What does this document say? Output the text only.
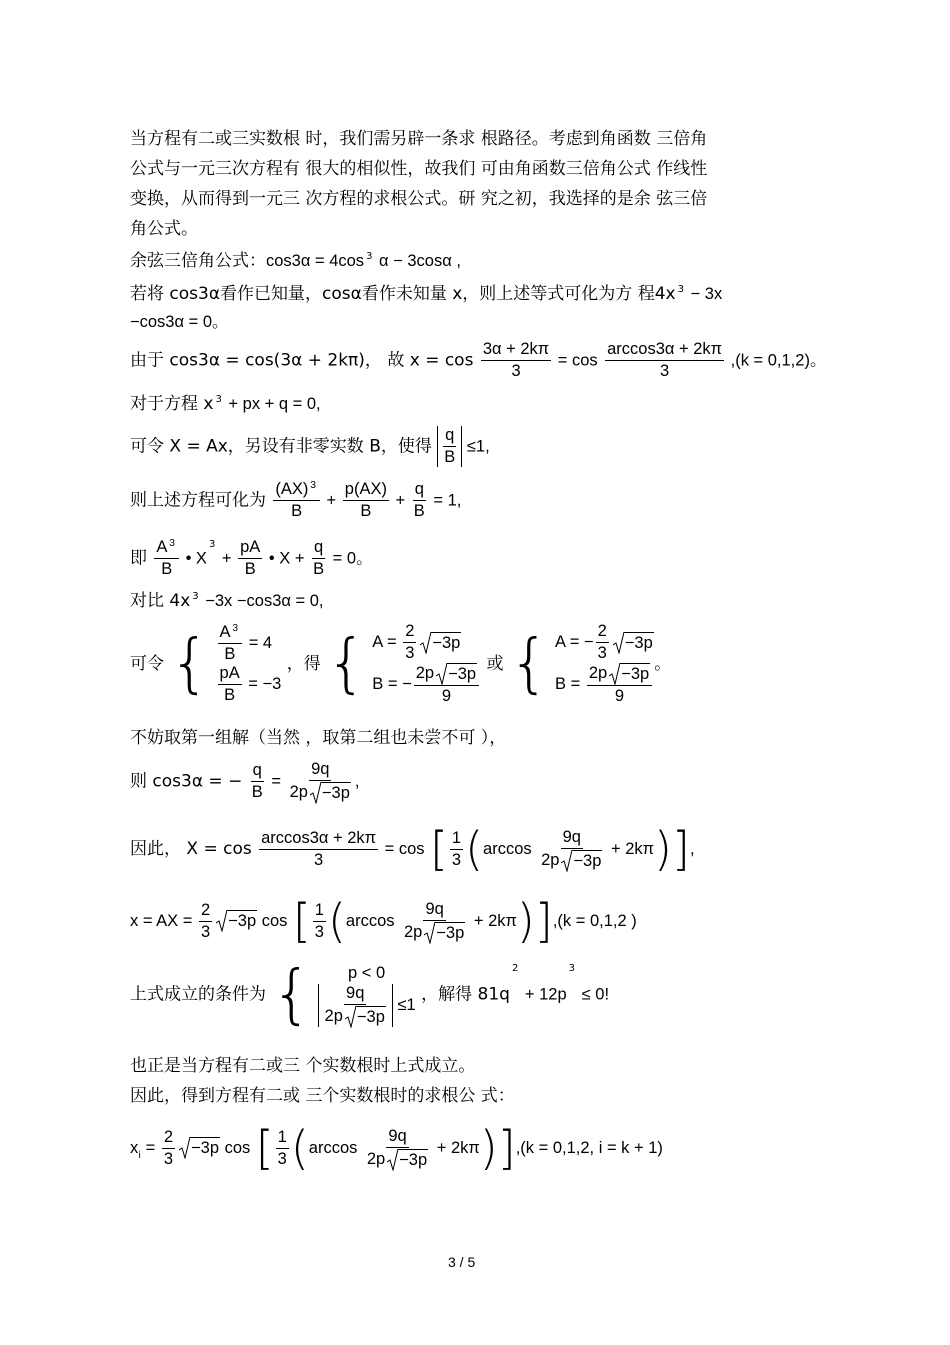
当方程有二或三实数根 时，我们需另辟一条求 根路径。考虑到角函数 三倍角
公式与一元三次方程有 很大的相似性，故我们 可由角函数三倍角公式 作线性
变换，从而得到一元三 次方程的求根公式。研 究之初，我选择的是余 弦三倍
角公式。
余弦三倍角公式：cos3α = 4cos $^3$ α − 3cosα ,
若将 cos3α看作已知量，cosα看作未知量 x，则上述等式可化为方 程4x $^3$ − 3x
−cos3α = 0。
由于 cos3α = cos(3α + 2kπ)， 故 $x = \cos \frac{3\alpha + 2k\pi}{3} = \cos \frac{\arccos 3\alpha + 2k\pi}{3} ,(k = 0,1,2)$。
对于方程 x $^3$ + px + q = 0,
可令 X = Ax，另设有非零实数 B，使得 $\frac{q}{B} \le 1$,
则上述方程可化为 $\frac{(AX) ^3}{B} + \frac{p(AX)}{B} + \frac{q}{B} = 1$,
即 $\frac{A ^3}{B}$ • $X^3 + \frac{pA}{B}$ • $X + \frac{q}{B} = 0$。
对比 4x $^3$ −3x −cos3α = 0,
可令 { $\frac{A ^3}{B} = 4$
$\frac{pA}{B} = -3$
，得 { $A = \frac{2}{3} -3p$
B = − $\frac{2p -3p}{9}$ 或 { A = − $\frac{2}{3} -3p$
$B = \frac{2p -3p}{9}$ 。
不妨取第一组解（当然 ，取第二组也未尝不可 ），
则 cos3α = − $\frac{q}{B} = \frac{9q}{2p -3p}$ ,
因此， $X = \cos \frac{\arccos 3\alpha + 2k\pi}{3} = \cos$ [ $\frac{1}{3} (\arccos \frac{9q}{2p -3p} + 2k\pi)$],
x = AX = $\frac{2}{3} -3p$ cos [ $\frac{1}{3} (\arccos \frac{9q}{2p -3p} + 2k\pi)],(k = 0,1,2$ )
上式成立的条件为 { p < 0
$\frac{9q}{2p -3p} \le 1$
，解得 $81q^2 + 12p^3 \le 0$!
也正是当方程有二或三 个实数根时上式成立。
因此，得到方程有二或 三个实数根时的求根公 式：
$x_i = \frac{2}{3} -3p$ cos [ $\frac{1}{3} (\arccos \frac{9q}{2p -3p} + 2k\pi)],(k = 0,1,2$, i = k + 1)
3 / 5
